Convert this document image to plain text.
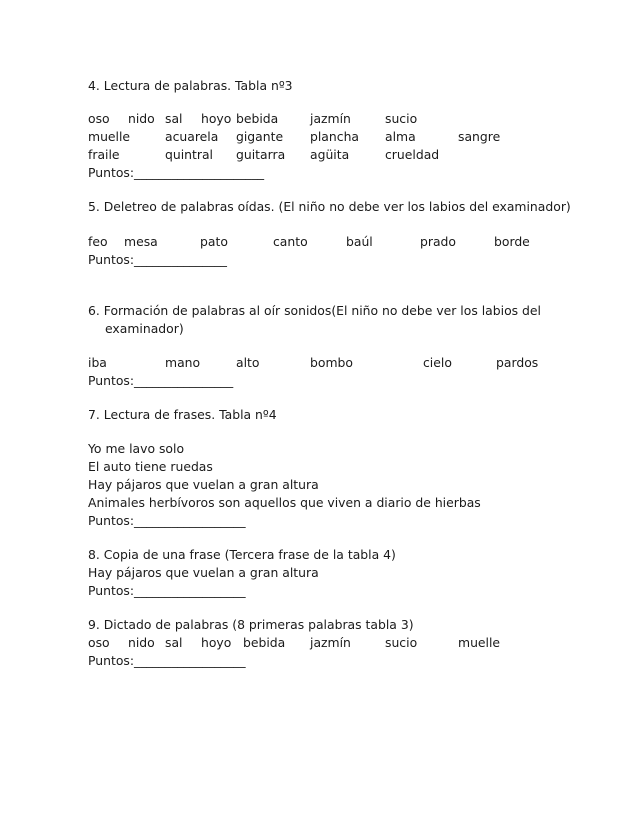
4. Lectura de palabras. Tabla nº3
oso nido sal hoyo bebida	jazmín	sucio
muelle	acuarela gigante plancha alma	sangre
fraile	quintral guitarra agüita	crueldad
Puntos:_____________________
5. Deletreo de palabras oídas. (El niño no debe ver los labios del examinador)
feo mesa	pato	canto	baúl	prado	borde
Puntos:_______________
6. Formación de palabras al oír sonidos(El niño no debe ver los labios del
examinador)
iba	mano	alto	bombo	cielo	pardos
Puntos:________________
7. Lectura de frases. Tabla nº4
Yo me lavo solo
El auto tiene ruedas
Hay pájaros que vuelan a gran altura
Animales herbívoros son aquellos que viven a diario de hierbas
Puntos:__________________
8. Copia de una frase (Tercera frase de la tabla 4)
Hay pájaros que vuelan a gran altura
Puntos:__________________
9. Dictado de palabras (8 primeras palabras tabla 3)
oso nido sal hoyo bebida jazmín	sucio	muelle
Puntos:__________________
